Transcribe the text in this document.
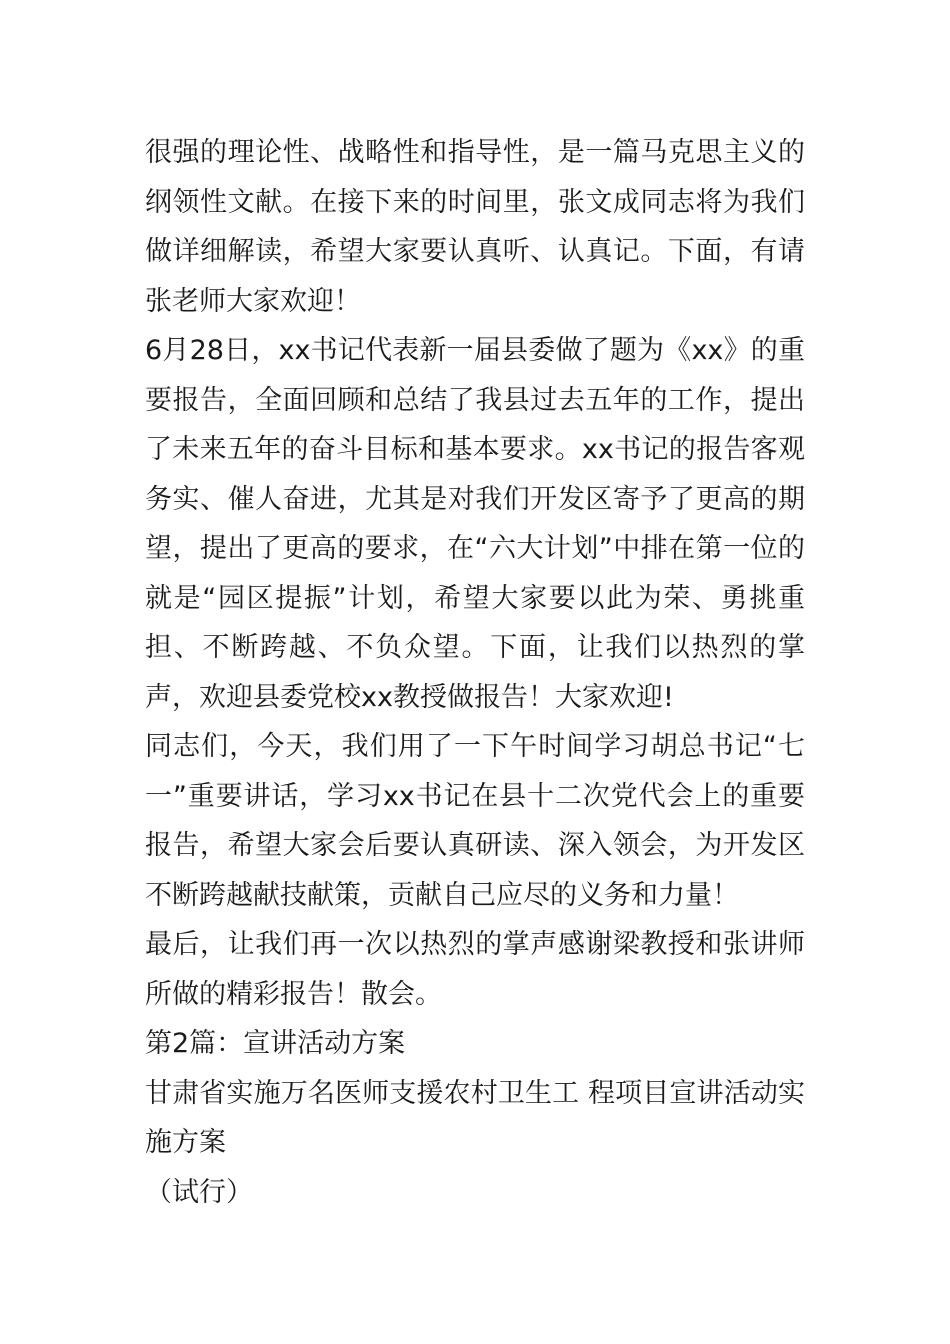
很强的理论性、战略性和指导性，是一篇马克思主义的纲领性文献。在接下来的时间里，张文成同志将为我们做详细解读，希望大家要认真听、认真记。下面，有请张老师大家欢迎！

6月28日，xx书记代表新一届县委做了题为《xx》的重要报告，全面回顾和总结了我县过去五年的工作，提出了未来五年的奋斗目标和基本要求。xx书记的报告客观务实、催人奋进，尤其是对我们开发区寄予了更高的期望，提出了更高的要求，在“六大计划”中排在第一位的就是“园区提振”计划，希望大家要以此为荣、勇挑重担、不断跨越、不负众望。下面，让我们以热烈的掌声，欢迎县委党校xx教授做报告！大家欢迎!

同志们，今天，我们用了一下午时间学习胡总书记“七一”重要讲话，学习xx书记在县十二次党代会上的重要报告，希望大家会后要认真研读、深入领会，为开发区不断跨越献技献策，贡献自己应尽的义务和力量！

最后，让我们再一次以热烈的掌声感谢梁教授和张讲师所做的精彩报告！散会。

第2篇：宣讲活动方案

甘肃省实施万名医师支援农村卫生工 程项目宣讲活动实施方案

（试行）
